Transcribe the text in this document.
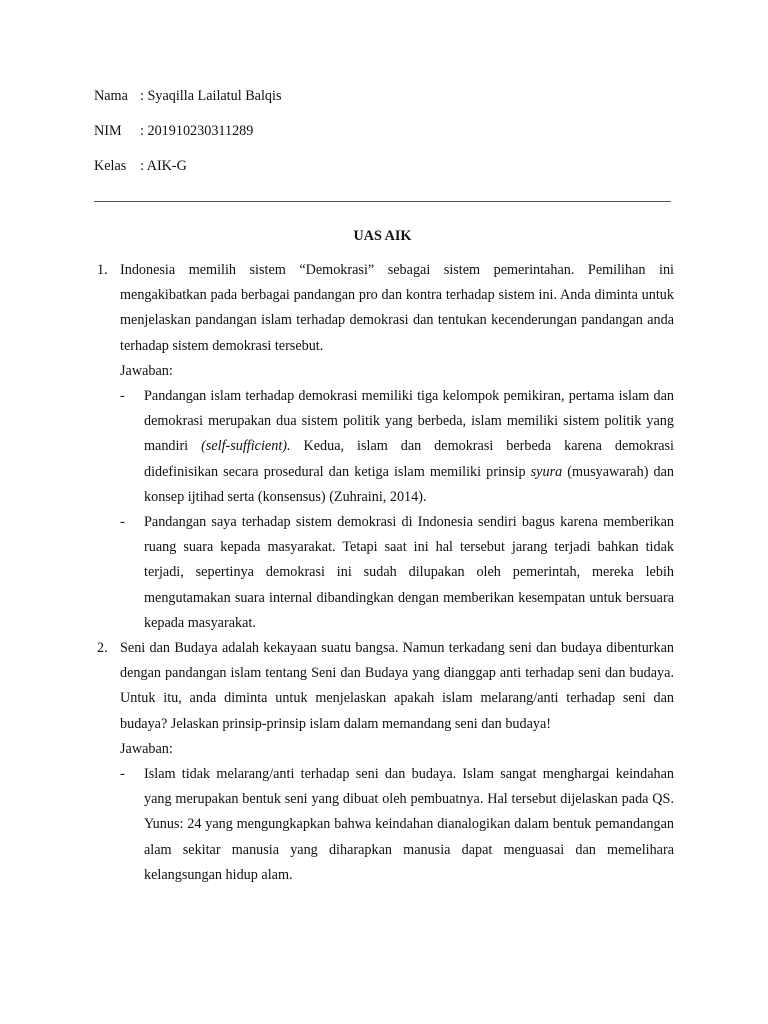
Nama : Syaqilla Lailatul Balqis
NIM : 201910230311289
Kelas : AIK-G
UAS AIK
1. Indonesia memilih sistem “Demokrasi” sebagai sistem pemerintahan. Pemilihan ini mengakibatkan pada berbagai pandangan pro dan kontra terhadap sistem ini. Anda diminta untuk menjelaskan pandangan islam terhadap demokrasi dan tentukan kecenderungan pandangan anda terhadap sistem demokrasi tersebut.

Jawaban:

- Pandangan islam terhadap demokrasi memiliki tiga kelompok pemikiran, pertama islam dan demokrasi merupakan dua sistem politik yang berbeda, islam memiliki sistem politik yang mandiri (self-sufficient). Kedua, islam dan demokrasi berbeda karena demokrasi didefinisikan secara prosedural dan ketiga islam memiliki prinsip syura (musyawarah) dan konsep ijtihad serta (konsensus) (Zuhraini, 2014).

- Pandangan saya terhadap sistem demokrasi di Indonesia sendiri bagus karena memberikan ruang suara kepada masyarakat. Tetapi saat ini hal tersebut jarang terjadi bahkan tidak terjadi, sepertinya demokrasi ini sudah dilupakan oleh pemerintah, mereka lebih mengutamakan suara internal dibandingkan dengan memberikan kesempatan untuk bersuara kepada masyarakat.

2. Seni dan Budaya adalah kekayaan suatu bangsa. Namun terkadang seni dan budaya dibenturkan dengan pandangan islam tentang Seni dan Budaya yang dianggap anti terhadap seni dan budaya. Untuk itu, anda diminta untuk menjelaskan apakah islam melarang/anti terhadap seni dan budaya? Jelaskan prinsip-prinsip islam dalam memandang seni dan budaya!

Jawaban:

- Islam tidak melarang/anti terhadap seni dan budaya. Islam sangat menghargai keindahan yang merupakan bentuk seni yang dibuat oleh pembuatnya. Hal tersebut dijelaskan pada QS. Yunus: 24 yang mengungkapkan bahwa keindahan dianalogikan dalam bentuk pemandangan alam sekitar manusia yang diharapkan manusia dapat menguasai dan memelihara kelangsungan hidup alam.
